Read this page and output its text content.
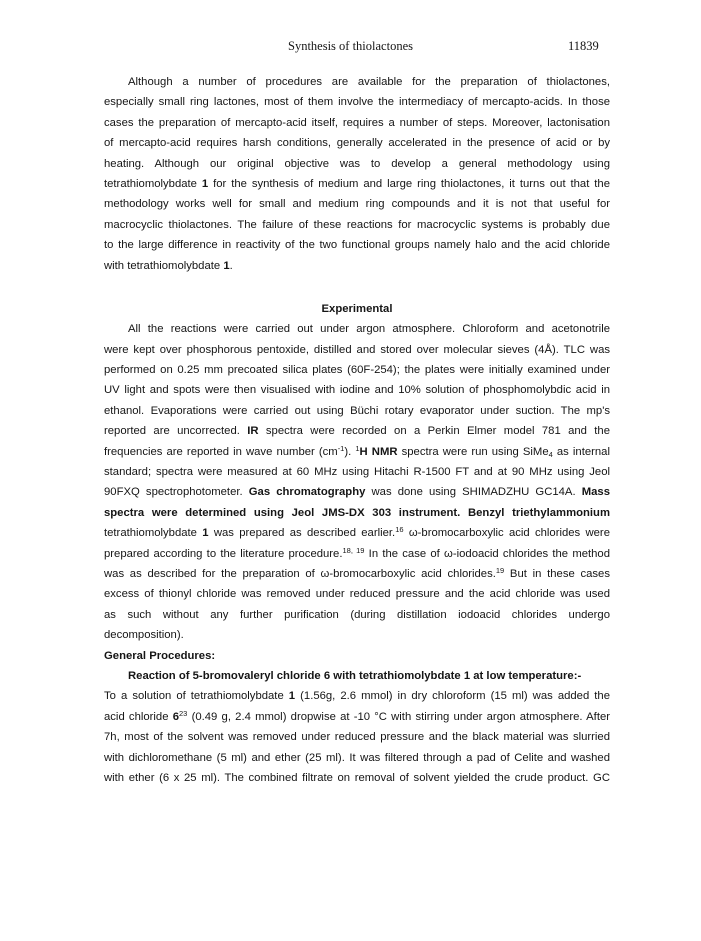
Synthesis of thiolactones	11839
Although a number of procedures are available for the preparation of thiolactones,
especially small ring lactones, most of them involve the intermediacy of mercapto-acids. In those
cases the preparation of mercapto-acid itself, requires a number of steps. Moreover, lactonisation
of mercapto-acid requires harsh conditions, generally accelerated in the presence of acid or by
heating. Although our original objective was to develop a general methodology using
tetrathiomolybdate 1 for the synthesis of medium and large ring thiolactones, it turns out that the
methodology works well for small and medium ring compounds and it is not that useful for
macrocyclic thiolactones. The failure of these reactions for macrocyclic systems is probably due
to the large difference in reactivity of the two functional groups namely halo and the acid chloride
with tetrathiomolybdate 1.
Experimental
All the reactions were carried out under argon atmosphere. Chloroform and acetonotrile
were kept over phosphorous pentoxide, distilled and stored over molecular sieves (4Å). TLC was
performed on 0.25 mm precoated silica plates (60F-254); the plates were initially examined under
UV light and spots were then visualised with iodine and 10% solution of phosphomolybdic acid in
ethanol. Evaporations were carried out using Büchi rotary evaporator under suction. The mp's
reported are uncorrected. IR spectra were recorded on a Perkin Elmer model 781 and the
frequencies are reported in wave number $(cm^{-1})$. $^1$H NMR spectra were run using SiMe$_4$ as internal
standard; spectra were measured at 60 MHz using Hitachi R-1500 FT and at 90 MHz using Jeol
90FXQ spectrophotometer. Gas chromatography was done using SHIMADZHU GC14A. Mass
spectra were determined using Jeol JMS-DX 303 instrument. Benzyl triethylammonium
tetrathiomolybdate 1 was prepared as described earlier.$^{16}$ ω-bromocarboxylic acid chlorides were
prepared according to the literature procedure.$^{18, 19}$ In the case of ω-iodoacid chlorides the method
was as described for the preparation of ω-bromocarboxylic acid chlorides.$^{19}$ But in these cases
excess of thionyl chloride was removed under reduced pressure and the acid chloride was used
as such without any further purification (during distillation iodoacid chlorides undergo
decomposition).
General Procedures:
Reaction of 5-bromovaleryl chloride 6 with tetrathiomolybdate 1 at low temperature:-
To a solution of tetrathiomolybdate 1 (1.56g, 2.6 mmol) in dry chloroform (15 ml) was added the
acid chloride $6^{23}$ (0.49 g, 2.4 mmol) dropwise at -10 °C with stirring under argon atmosphere. After
7h, most of the solvent was removed under reduced pressure and the black material was slurried
with dichloromethane (5 ml) and ether (25 ml). It was filtered through a pad of Celite and washed
with ether (6 x 25 ml). The combined filtrate on removal of solvent yielded the crude product. GC
